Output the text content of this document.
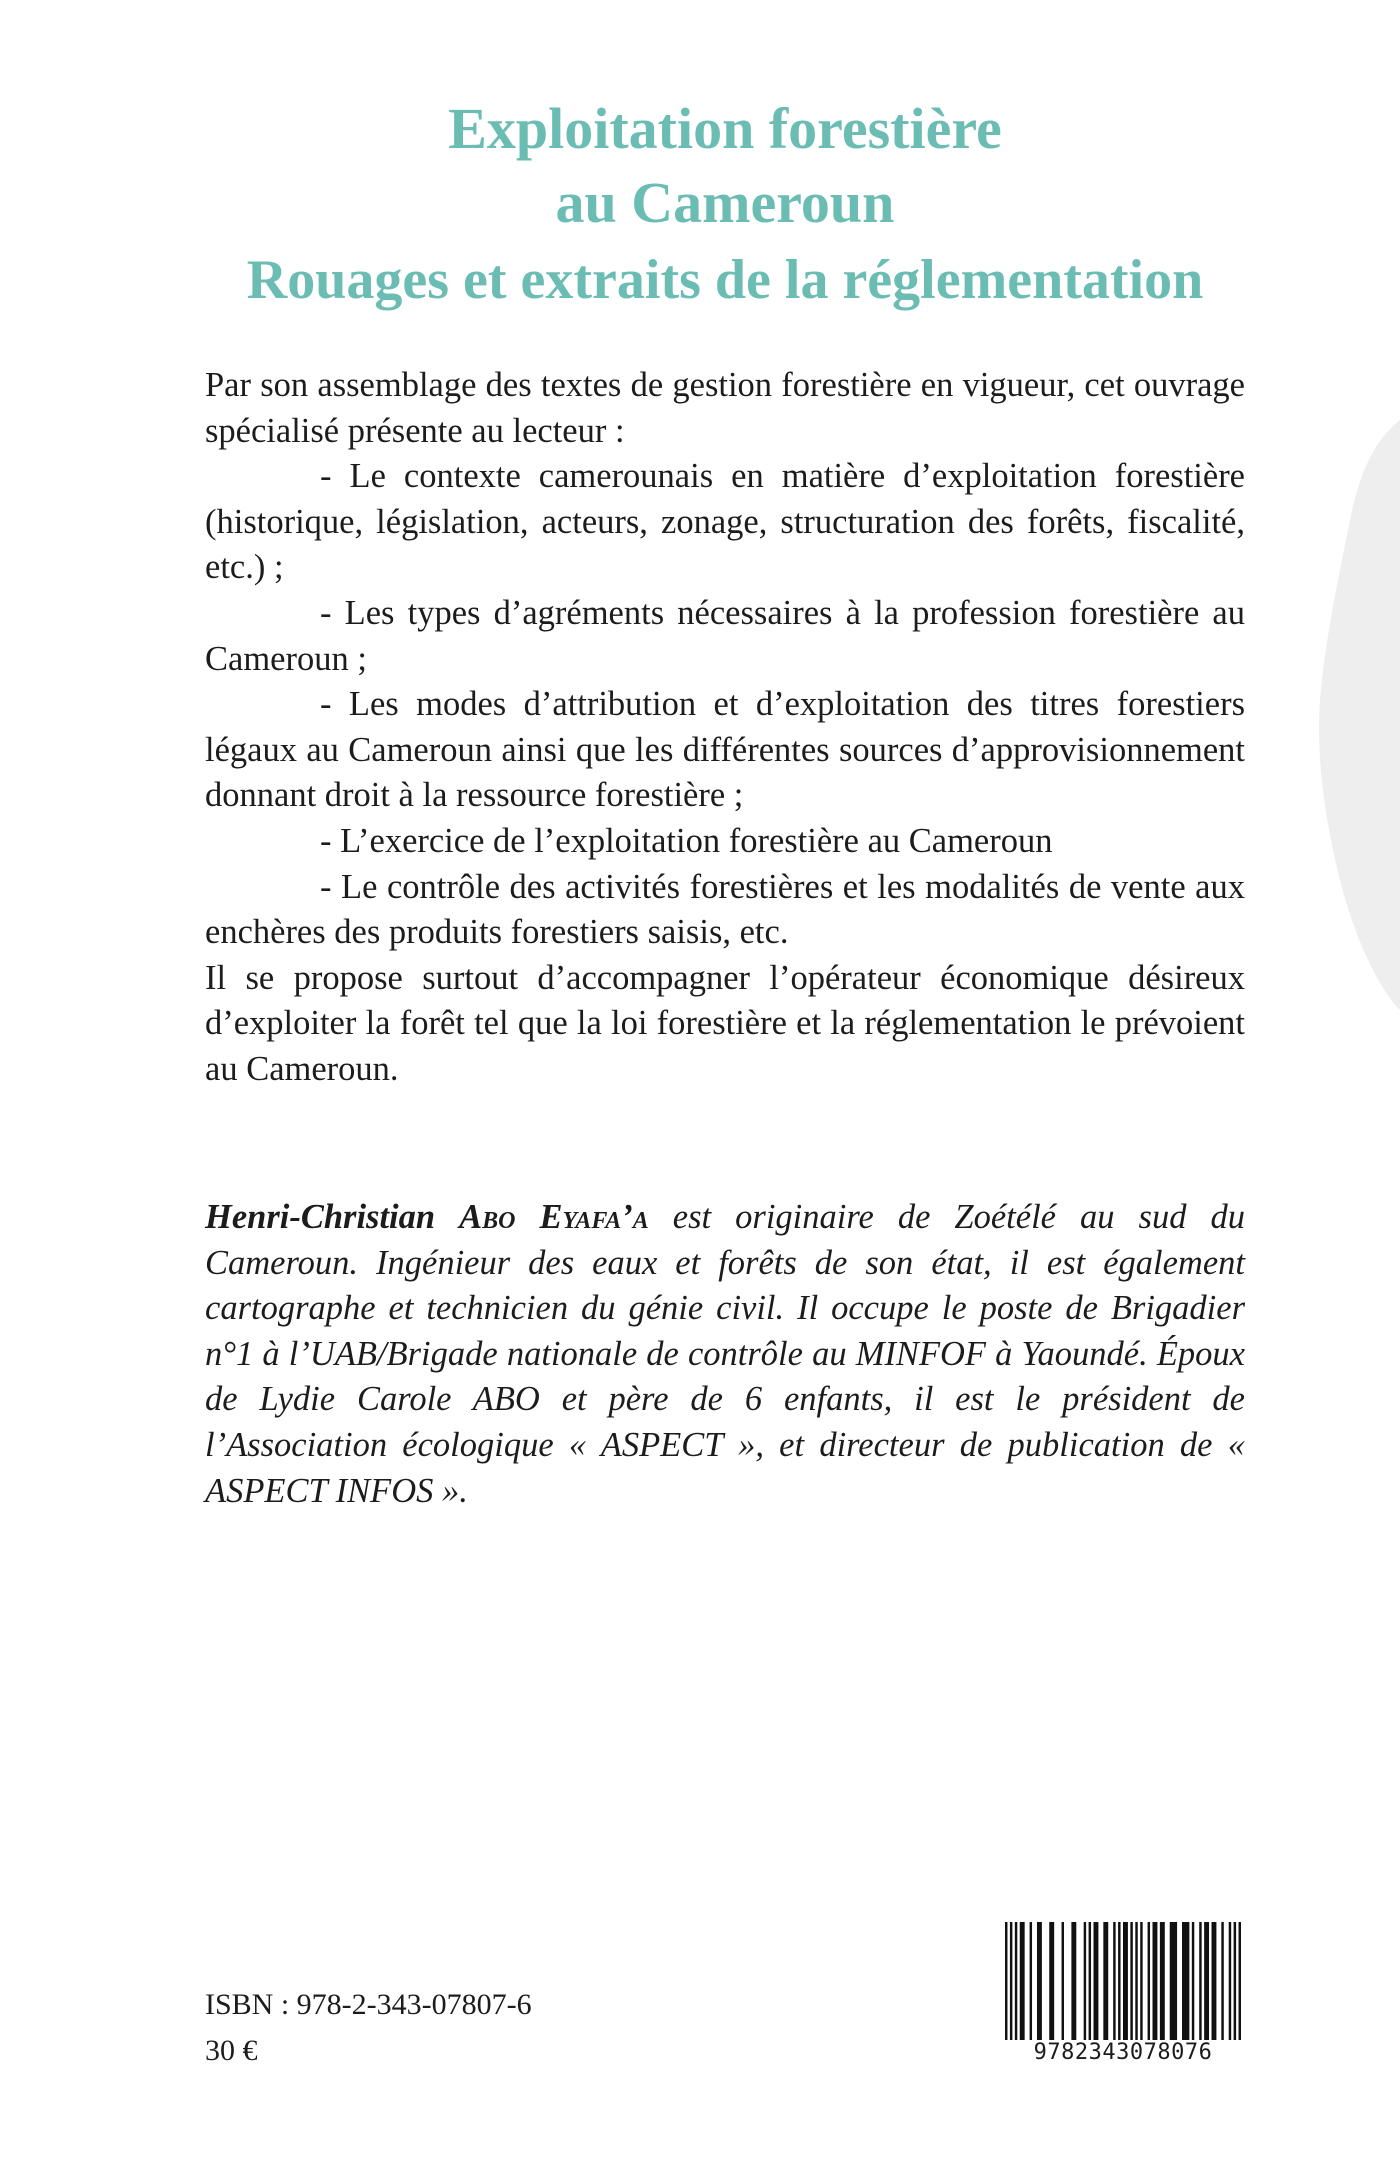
Exploitation forestière

au Cameroun

Rouages et extraits de la réglementation

Par son assemblage des textes de gestion forestière en vigueur, cet ouvrage spécialisé présente au lecteur :

- Le contexte camerounais en matière d’exploitation forestière (historique, législation, acteurs, zonage, structuration des forêts, fiscalité, etc.) ;

- Les types d’agréments nécessaires à la profession forestière au Cameroun ;

- Les modes d’attribution et d’exploitation des titres forestiers légaux au Cameroun ainsi que les différentes sources d’approvisionnement donnant droit à la ressource forestière ;

- L’exercice de l’exploitation forestière au Cameroun

- Le contrôle des activités forestières et les modalités de vente aux enchères des produits forestiers saisis, etc.

Il se propose surtout d’accompagner l’opérateur économique désireux d’exploiter la forêt tel que la loi forestière et la réglementation le prévoient au Cameroun.

Henri-Christian Abo Eyafa’a est originaire de Zoétélé au sud du Cameroun. Ingénieur des eaux et forêts de son état, il est également cartographe et technicien du génie civil. Il occupe le poste de Brigadier n°1 à l’UAB/Brigade nationale de contrôle au MINFOF à Yaoundé. Époux de Lydie Carole ABO et père de 6 enfants, il est le président de l’Association écologique « ASPECT », et directeur de publication de « ASPECT INFOS ».

ISBN : 978-2-343-07807-6

30 €	9782343078076
